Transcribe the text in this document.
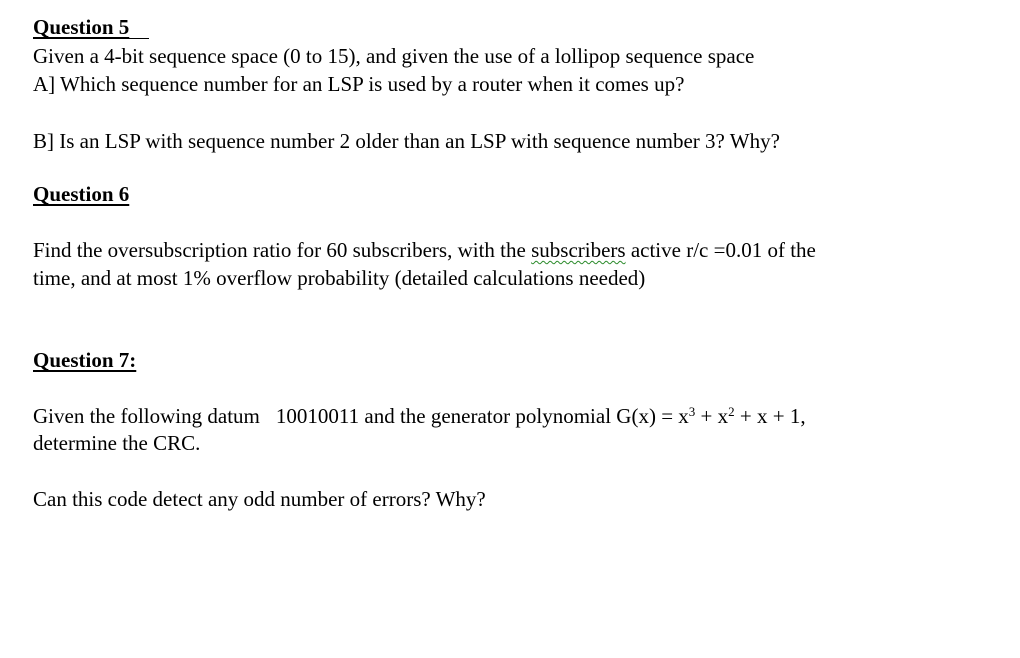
Question 5
Given a 4-bit sequence space (0 to 15), and given the use of a lollipop sequence space
A] Which sequence number for an LSP is used by a router when it comes up?
B] Is an LSP with sequence number 2 older than an LSP with sequence number 3? Why?
Question 6
Find the oversubscription ratio for 60 subscribers, with the subscribers active r/c =0.01 of the
time, and at most 1% overflow probability (detailed calculations needed)
Question 7:
Given the following datum 10010011 and the generator polynomial $G(x) = x^3 + x^2 + x + 1$,
determine the CRC.
Can this code detect any odd number of errors? Why?
